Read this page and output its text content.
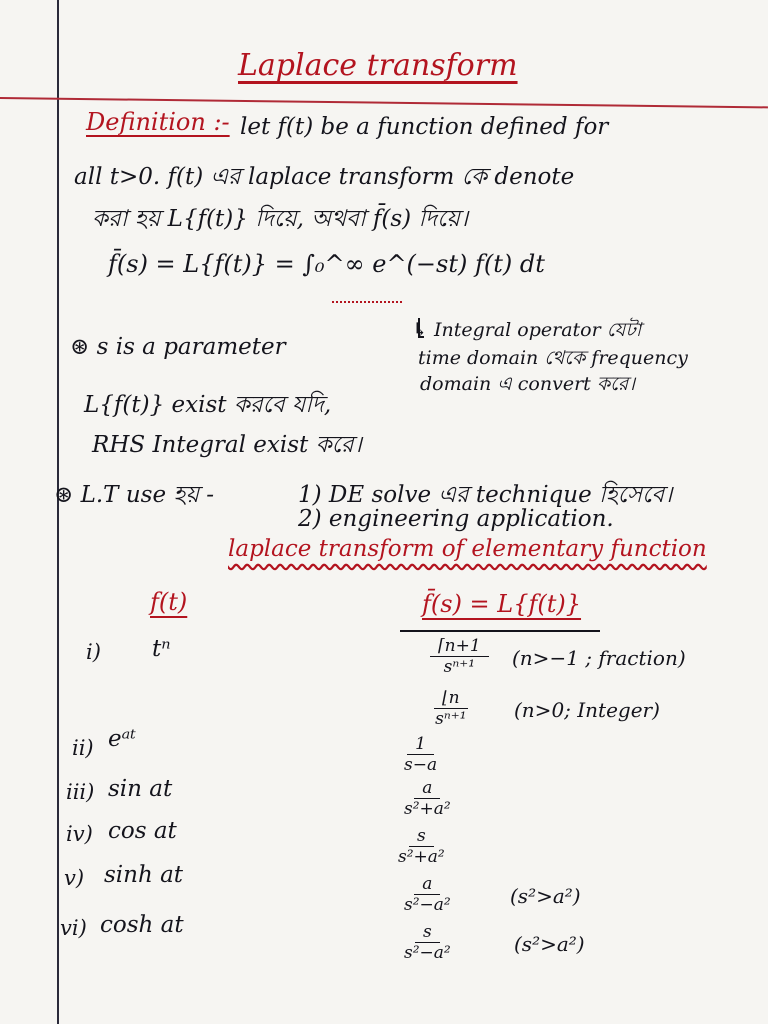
Laplace transform
Definition :- let f(t) be a function defined for
all t>0. f(t) এর laplace transform কে denote
করা হয় L{f(t)} দিয়ে, অথবা f̄(s) দিয়ে।
f̄(s) = L{f(t)} = ∫₀^∞ e^(−st) f(t) dt
⊛ s is a parameter
↳ Integral operator যেটা
time domain থেকে frequency
domain এ convert করে।
L{f(t)} exist করবে যদি,
RHS Integral exist করে।
⊛ L.T use হয় -	1) DE solve এর technique হিসেবে।
2) engineering application.
laplace transform of elementary function
f(t)	f̄(s) = L{f(t)}
i) tⁿ	$\frac{⌈n+1}{\text{sⁿ⁺¹}} (n>-1$ ; fraction)
$\frac{⌊n}{\text{sⁿ⁺¹}} (n>0$; Integer)
ii) eᵃᵗ	$\frac{1}{s-a}$
iii) sin at	$\frac{a}{\text{s²+a²}}$
iv) cos at	$\frac{s}{\text{s²+a²}}$
v) sinh at	$\frac{a}{\text{s²−a²}}$	(s²>a²)
vi) cosh at	$\frac{s}{\text{s²−a²}}$	(s²>a²)
